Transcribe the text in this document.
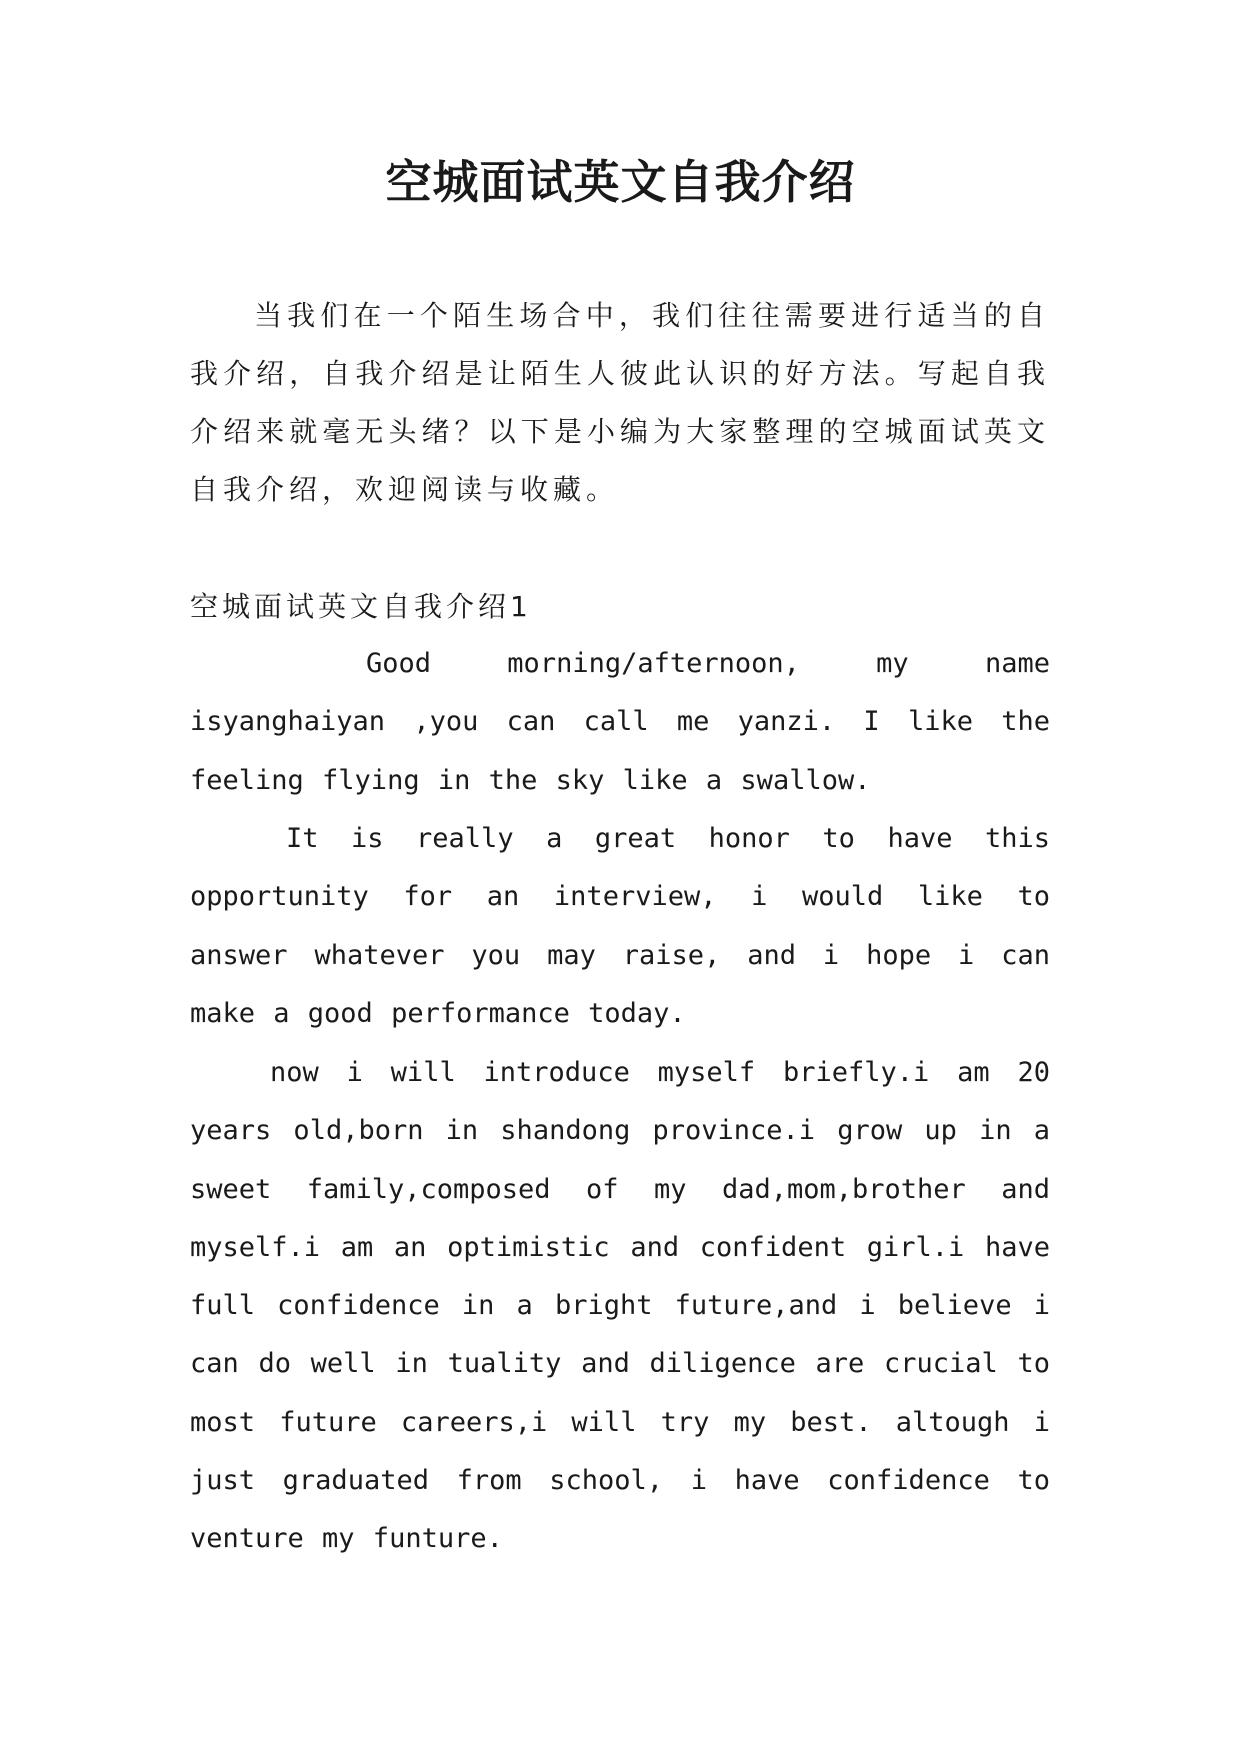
空城面试英文自我介绍

当我们在一个陌生场合中，我们往往需要进行适当的自我介绍，自我介绍是让陌生人彼此认识的好方法。写起自我介绍来就毫无头绪？以下是小编为大家整理的空城面试英文自我介绍，欢迎阅读与收藏。

空城面试英文自我介绍1

Good morning/afternoon, my name isyanghaiyan ,you can call me yanzi. I like the feeling flying in the sky like a swallow.

It is really a great honor to have this opportunity for an interview, i would like to answer whatever you may raise, and i hope i can make a good performance today.

now i will introduce myself briefly.i am 20 years old,born in shandong province.i grow up in a sweet family,composed of my dad,mom,brother and myself.i am an optimistic and confident girl.i have full confidence in a bright future,and i believe i can do well in tuality and diligence are crucial to most future careers,i will try my best. altough i just graduated from school, i have confidence to venture my funture.
